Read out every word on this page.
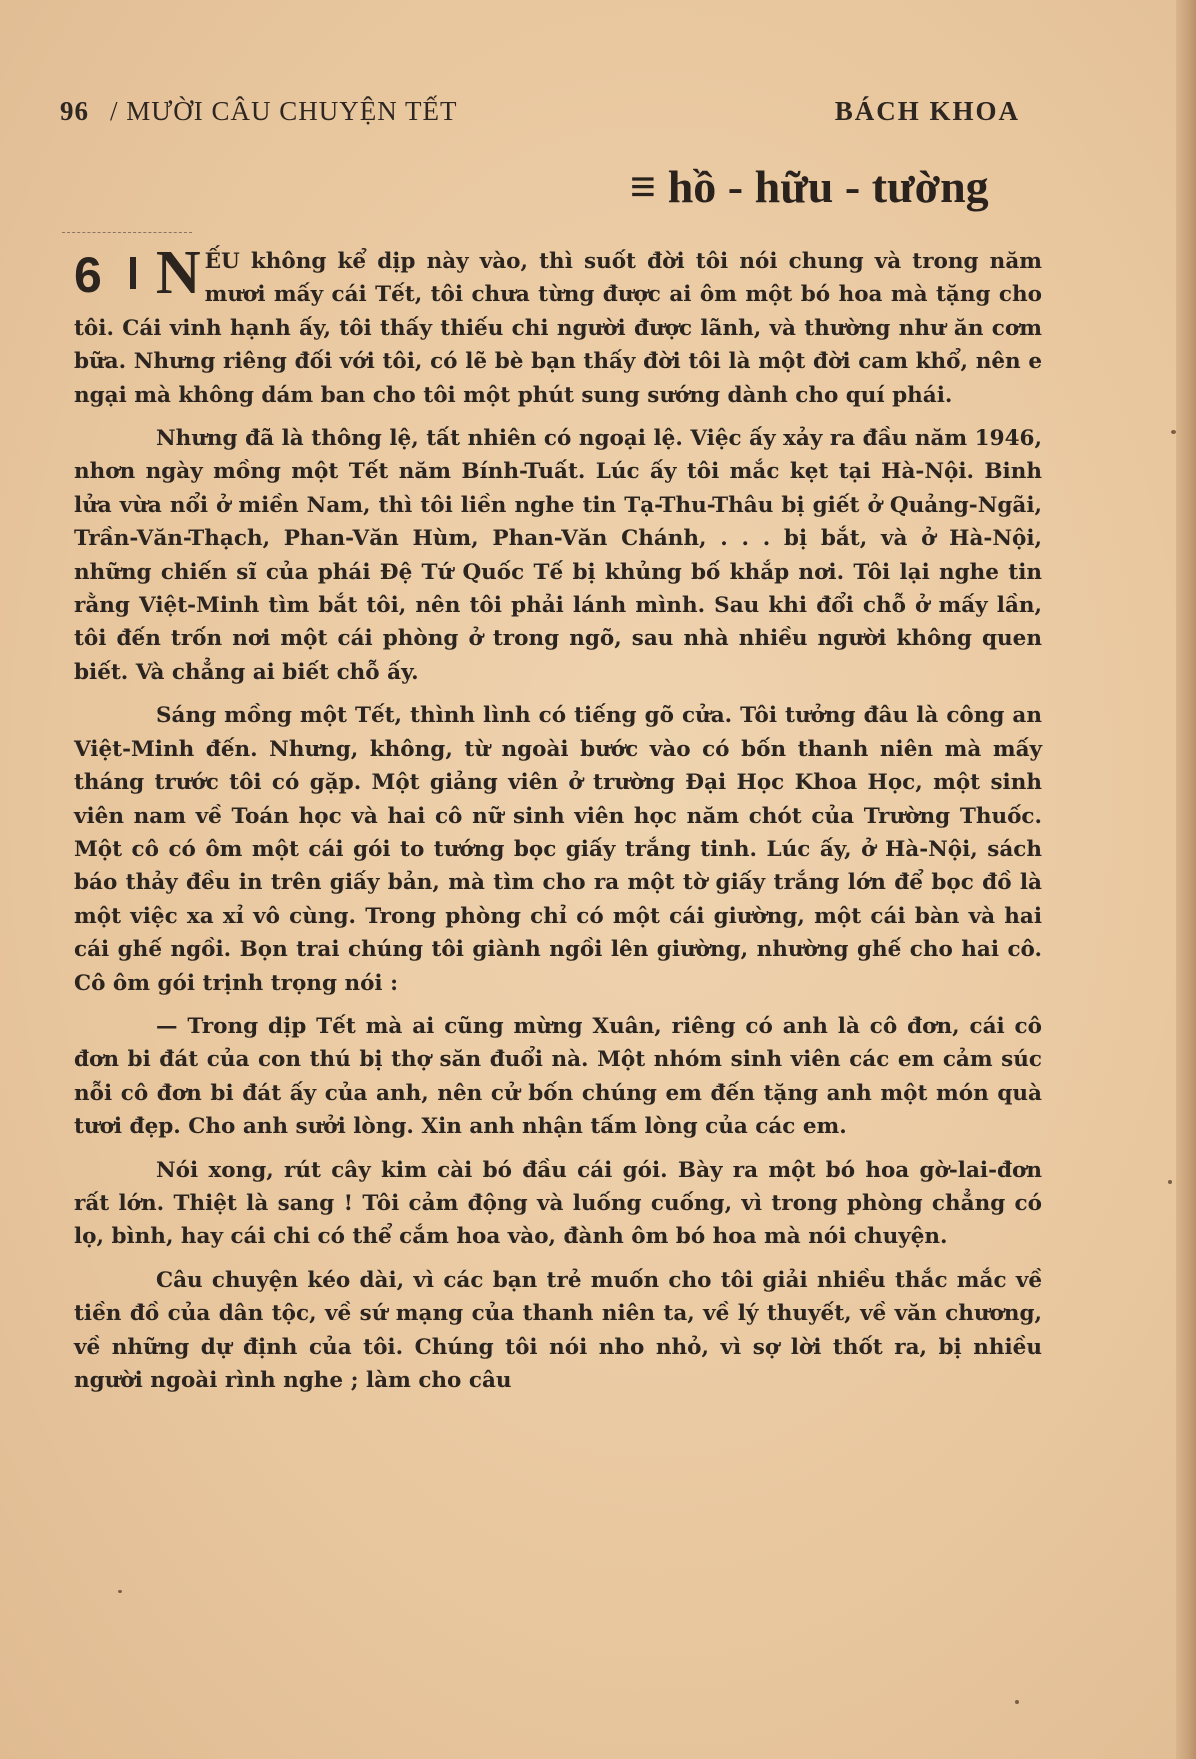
96 / MƯỜI CÂU CHUYỆN TẾT	BÁCH KHOA
≡ hồ - hữu - tường

6 N ẾU không kể dịp này vào, thì suốt đời tôi nói chung và trong năm mươi mấy cái Tết, tôi chưa từng được ai ôm một bó hoa mà tặng cho tôi. Cái vinh hạnh ấy, tôi thấy thiếu chi người được lãnh, và thường như ăn cơm bữa. Nhưng riêng đối với tôi, có lẽ bè bạn thấy đời tôi là một đời cam khổ, nên e ngại mà không dám ban cho tôi một phút sung sướng dành cho quí phái.

Nhưng đã là thông lệ, tất nhiên có ngoại lệ. Việc ấy xảy ra đầu năm 1946, nhơn ngày mồng một Tết năm Bính-Tuất. Lúc ấy tôi mắc kẹt tại Hà-Nội. Binh lửa vừa nổi ở miền Nam, thì tôi liền nghe tin Tạ-Thu-Thâu bị giết ở Quảng-Ngãi, Trần-Văn-Thạch, Phan-Văn Hùm, Phan-Văn Chánh, . . . bị bắt, và ở Hà-Nội, những chiến sĩ của phái Đệ Tứ Quốc Tế bị khủng bố khắp nơi. Tôi lại nghe tin rằng Việt-Minh tìm bắt tôi, nên tôi phải lánh mình. Sau khi đổi chỗ ở mấy lần, tôi đến trốn nơi một cái phòng ở trong ngõ, sau nhà nhiều người không quen biết. Và chẳng ai biết chỗ ấy.

Sáng mồng một Tết, thình lình có tiếng gõ cửa. Tôi tưởng đâu là công an Việt-Minh đến. Nhưng, không, từ ngoài bước vào có bốn thanh niên mà mấy tháng trước tôi có gặp. Một giảng viên ở trường Đại Học Khoa Học, một sinh viên nam về Toán học và hai cô nữ sinh viên học năm chót của Trường Thuốc. Một cô có ôm một cái gói to tướng bọc giấy trắng tinh. Lúc ấy, ở Hà-Nội, sách báo thảy đều in trên giấy bản, mà tìm cho ra một tờ giấy trắng lớn để bọc đồ là một việc xa xỉ vô cùng. Trong phòng chỉ có một cái giường, một cái bàn và hai cái ghế ngồi. Bọn trai chúng tôi giành ngồi lên giường, nhường ghế cho hai cô. Cô ôm gói trịnh trọng nói :

— Trong dịp Tết mà ai cũng mừng Xuân, riêng có anh là cô đơn, cái cô đơn bi đát của con thú bị thợ săn đuổi nà. Một nhóm sinh viên các em cảm súc nỗi cô đơn bi đát ấy của anh, nên cử bốn chúng em đến tặng anh một món quà tươi đẹp. Cho anh sưởi lòng. Xin anh nhận tấm lòng của các em.

Nói xong, rút cây kim cài bó đầu cái gói. Bày ra một bó hoa gờ-lai-đơn rất lớn. Thiệt là sang ! Tôi cảm động và luống cuống, vì trong phòng chẳng có lọ, bình, hay cái chi có thể cắm hoa vào, đành ôm bó hoa mà nói chuyện.

Câu chuyện kéo dài, vì các bạn trẻ muốn cho tôi giải nhiều thắc mắc về tiền đồ của dân tộc, về sứ mạng của thanh niên ta, về lý thuyết, về văn chương, về những dự định của tôi. Chúng tôi nói nho nhỏ, vì sợ lời thốt ra, bị nhiều người ngoài rình nghe ; làm cho câu
